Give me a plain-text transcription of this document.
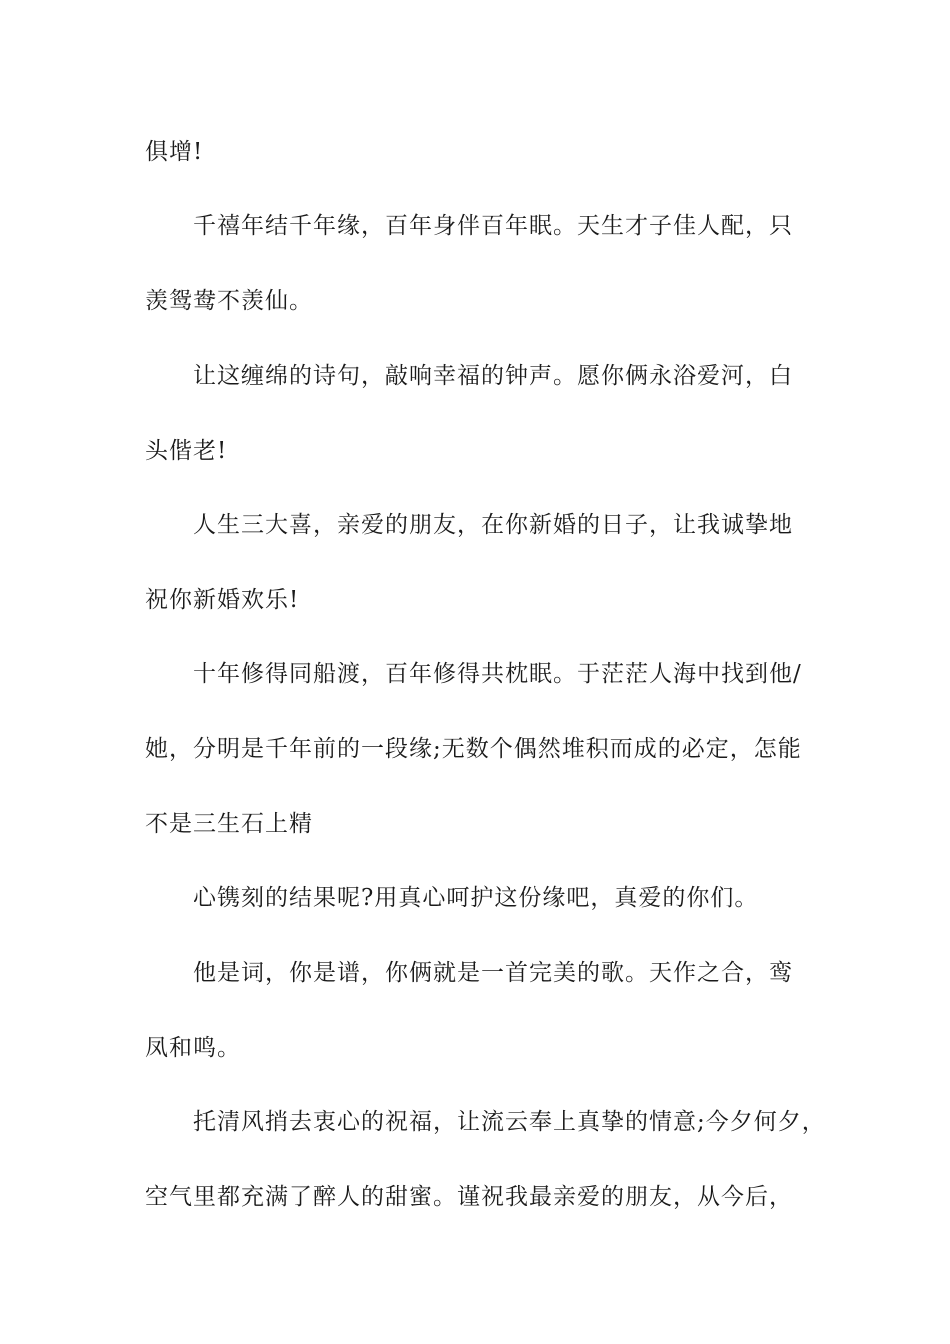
俱增!
千禧年结千年缘，百年身伴百年眠。天生才子佳人配，只
羡鸳鸯不羡仙。
让这缠绵的诗句，敲响幸福的钟声。愿你俩永浴爱河，白
头偕老!
人生三大喜，亲爱的朋友，在你新婚的日子，让我诚挚地
祝你新婚欢乐!
十年修得同船渡，百年修得共枕眠。于茫茫人海中找到他/
她，分明是千年前的一段缘;无数个偶然堆积而成的必定，怎能
不是三生石上精
心镌刻的结果呢?用真心呵护这份缘吧，真爱的你们。
他是词，你是谱，你俩就是一首完美的歌。天作之合，鸾
凤和鸣。
托清风捎去衷心的祝福，让流云奉上真挚的情意;今夕何夕，
空气里都充满了醉人的甜蜜。谨祝我最亲爱的朋友，从今后，
